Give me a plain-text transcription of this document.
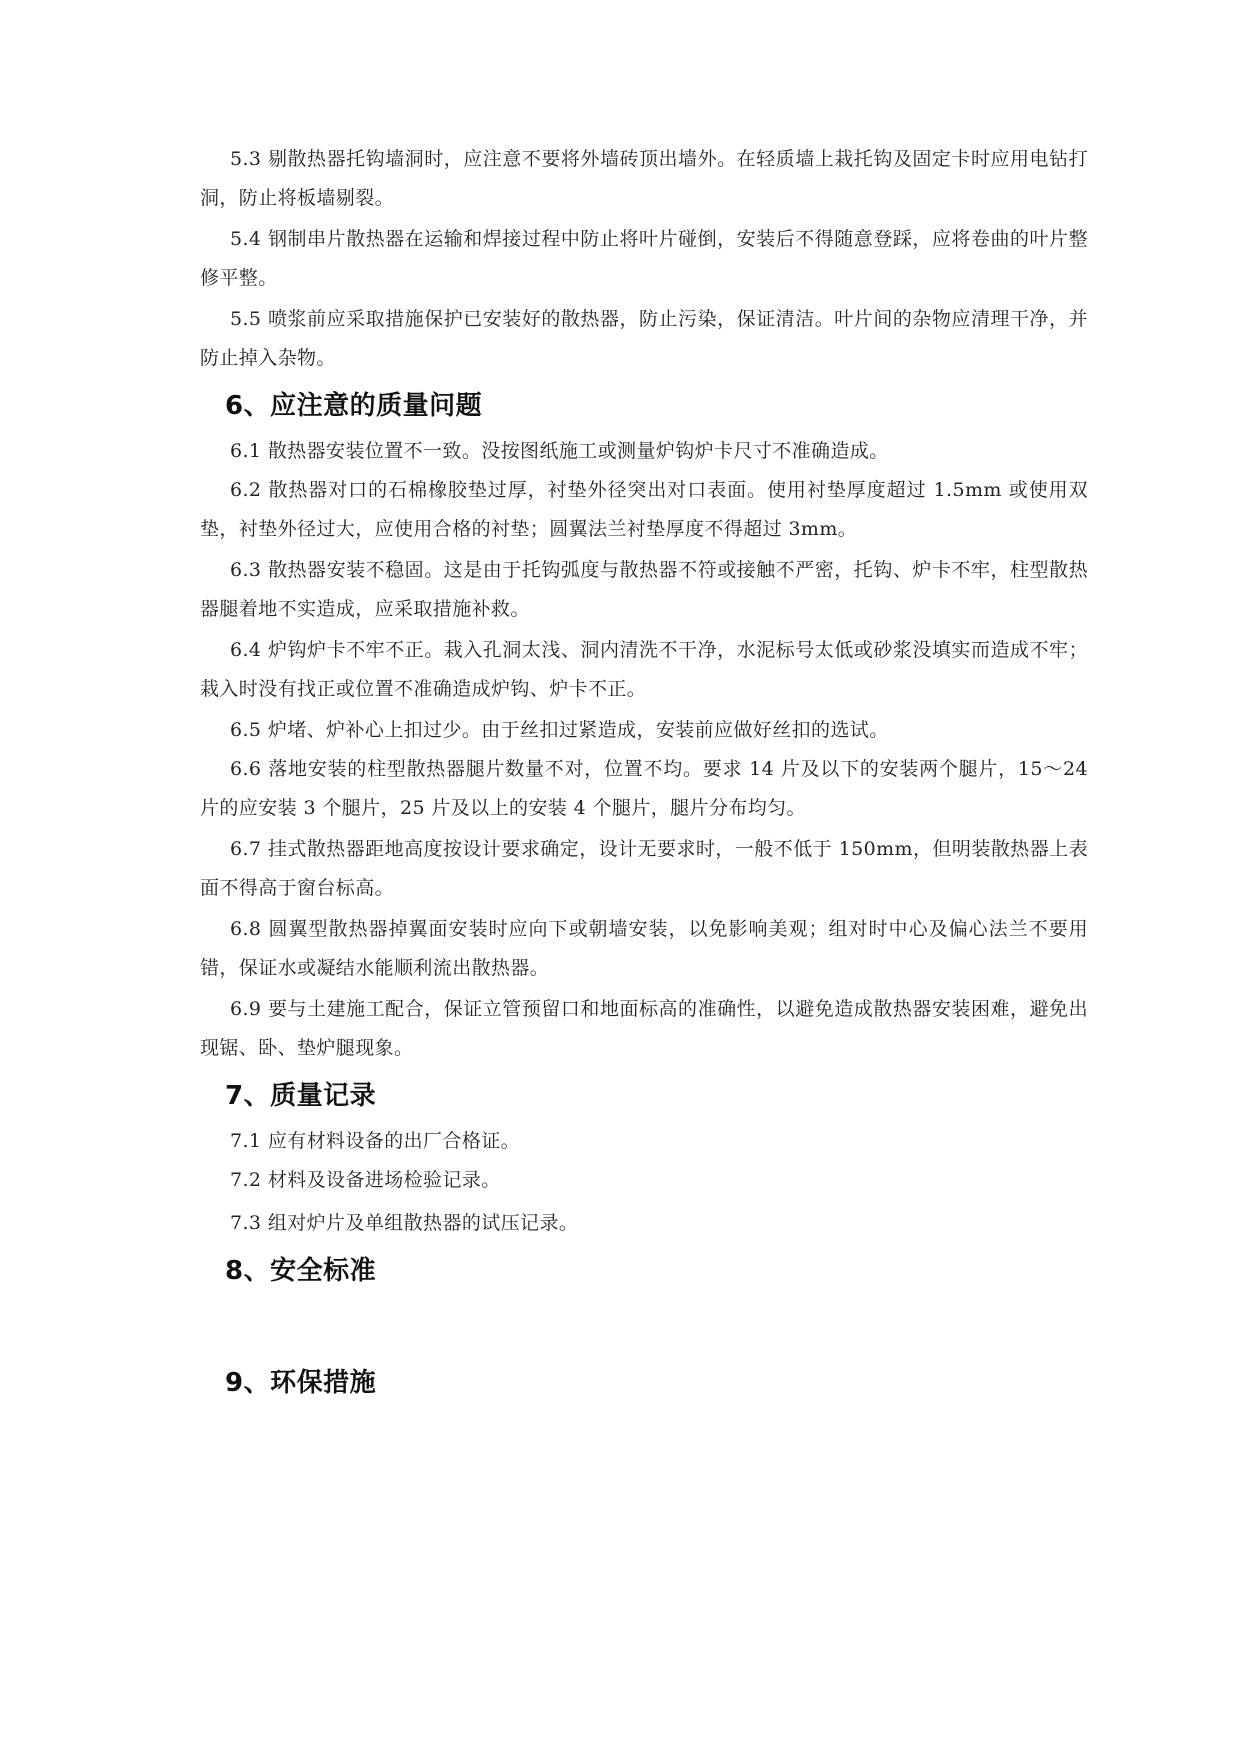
5.3 剔散热器托钩墙洞时，应注意不要将外墙砖顶出墙外。在轻质墙上栽托钩及固定卡时应用电钻打洞，防止将板墙剔裂。

5.4 钢制串片散热器在运输和焊接过程中防止将叶片碰倒，安装后不得随意登踩，应将卷曲的叶片整修平整。

5.5 喷浆前应采取措施保护已安装好的散热器，防止污染，保证清洁。叶片间的杂物应清理干净，并防止掉入杂物。

6、应注意的质量问题

6.1 散热器安装位置不一致。没按图纸施工或测量炉钩炉卡尺寸不准确造成。

6.2 散热器对口的石棉橡胶垫过厚，衬垫外径突出对口表面。使用衬垫厚度超过 1.5mm 或使用双垫，衬垫外径过大，应使用合格的衬垫；圆翼法兰衬垫厚度不得超过 3mm。

6.3 散热器安装不稳固。这是由于托钩弧度与散热器不符或接触不严密，托钩、炉卡不牢，柱型散热器腿着地不实造成，应采取措施补救。

6.4 炉钩炉卡不牢不正。栽入孔洞太浅、洞内清洗不干净，水泥标号太低或砂浆没填实而造成不牢；栽入时没有找正或位置不准确造成炉钩、炉卡不正。

6.5 炉堵、炉补心上扣过少。由于丝扣过紧造成，安装前应做好丝扣的选试。

6.6 落地安装的柱型散热器腿片数量不对，位置不均。要求 14 片及以下的安装两个腿片，15～24 片的应安装 3 个腿片，25 片及以上的安装 4 个腿片，腿片分布均匀。

6.7 挂式散热器距地高度按设计要求确定，设计无要求时，一般不低于 150mm，但明装散热器上表面不得高于窗台标高。

6.8 圆翼型散热器掉翼面安装时应向下或朝墙安装，以免影响美观；组对时中心及偏心法兰不要用错，保证水或凝结水能顺利流出散热器。

6.9 要与土建施工配合，保证立管预留口和地面标高的准确性，以避免造成散热器安装困难，避免出现锯、卧、垫炉腿现象。

7、质量记录

7.1 应有材料设备的出厂合格证。

7.2 材料及设备进场检验记录。

7.3 组对炉片及单组散热器的试压记录。

8、安全标准
9、环保措施
